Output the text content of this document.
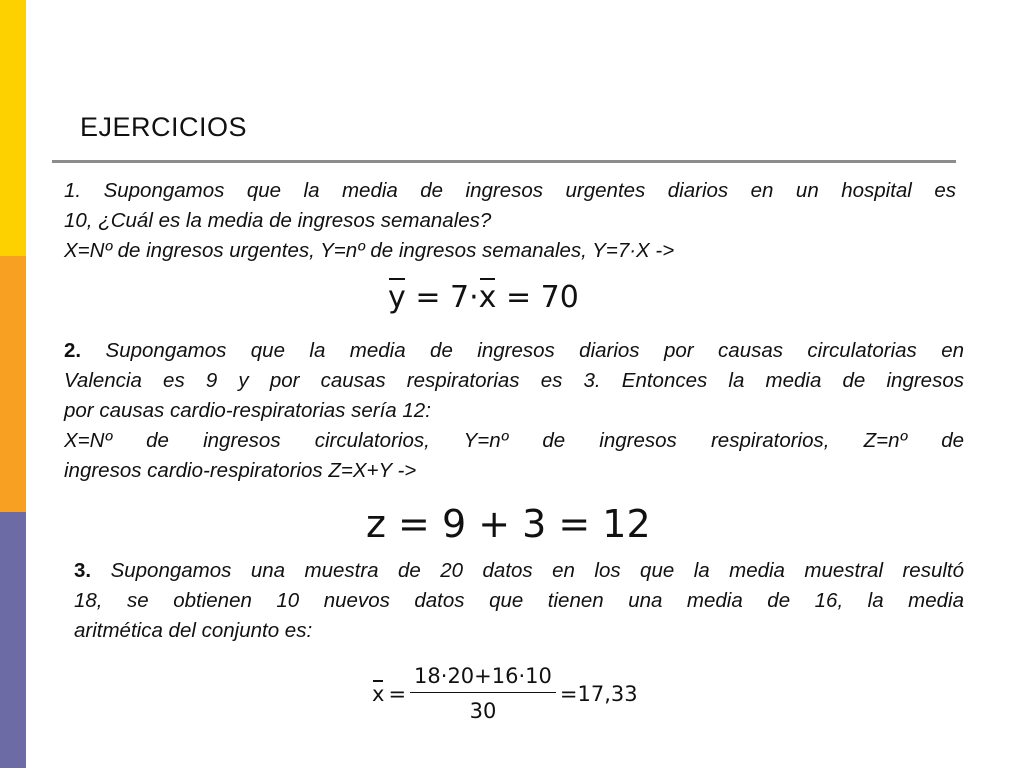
EJERCICIOS
1. Supongamos que la media de ingresos urgentes diarios en un hospital es
10, ¿Cuál es la media de ingresos semanales?
X=Nº de ingresos urgentes, Y=nº de ingresos semanales, Y=7·X ->
y = 7·x = 70
2. Supongamos que la media de ingresos diarios por causas circulatorias en
Valencia es 9 y por causas respiratorias es 3. Entonces la media de ingresos
por causas cardio-respiratorias sería 12:
X=Nº de ingresos circulatorios, Y=nº de ingresos respiratorios, Z=nº de
ingresos cardio-respiratorios Z=X+Y ->
z = 9 + 3 = 12
3. Supongamos una muestra de 20 datos en los que la media muestral resultó
18, se obtienen 10 nuevos datos que tienen una media de 16, la media
aritmética del conjunto es:
$x = \frac{18\cdot 20+16\cdot 10}{30} =17,33$
